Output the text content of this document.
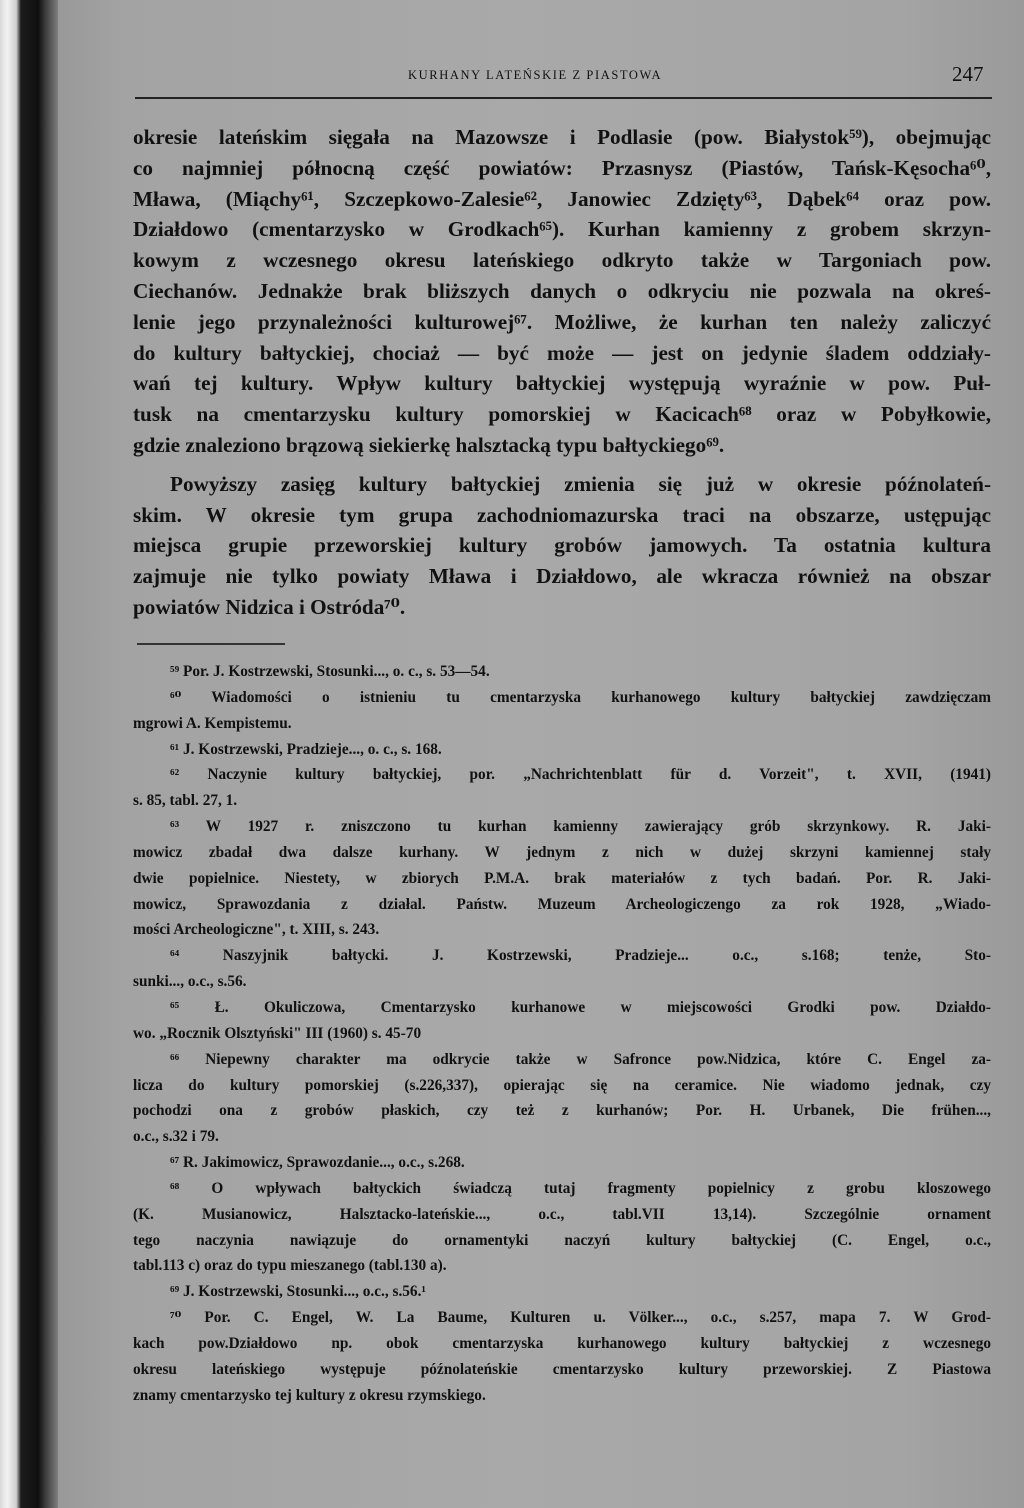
KURHANY LATEŃSKIE Z PIASTOWA	247
okresie lateńskim sięgała na Mazowsze i Podlasie (pow. Białystok⁵⁹), obejmując
co najmniej północną część powiatów: Przasnysz (Piastów, Tańsk-Kęsocha⁶⁰,
Mława, (Miąchy⁶¹, Szczepkowo-Zalesie⁶², Janowiec Zdzięty⁶³, Dąbek⁶⁴ oraz pow.
Działdowo (cmentarzysko w Grodkach⁶⁵). Kurhan kamienny z grobem skrzyn-
kowym z wczesnego okresu lateńskiego odkryto także w Targoniach pow.
Ciechanów. Jednakże brak bliższych danych o odkryciu nie pozwala na okreś-
lenie jego przynależności kulturowej⁶⁷. Możliwe, że kurhan ten należy zaliczyć
do kultury bałtyckiej, chociaż — być może — jest on jedynie śladem oddziały-
wań tej kultury. Wpływ kultury bałtyckiej występują wyraźnie w pow. Puł-
tusk na cmentarzysku kultury pomorskiej w Kacicach⁶⁸ oraz w Pobyłkowie,
gdzie znaleziono brązową siekierkę halsztacką typu bałtyckiego⁶⁹.
Powyższy zasięg kultury bałtyckiej zmienia się już w okresie późnolateń-
skim. W okresie tym grupa zachodniomazurska traci na obszarze, ustępując
miejsca grupie przeworskiej kultury grobów jamowych. Ta ostatnia kultura
zajmuje nie tylko powiaty Mława i Działdowo, ale wkracza również na obszar
powiatów Nidzica i Ostróda⁷⁰.
⁵⁹ Por. J. Kostrzewski, Stosunki..., o. c., s. 53—54.
⁶⁰ Wiadomości o istnieniu tu cmentarzyska kurhanowego kultury bałtyckiej zawdzięczam
mgrowi A. Kempistemu.
⁶¹ J. Kostrzewski, Pradzieje..., o. c., s. 168.
⁶² Naczynie kultury bałtyckiej, por. „Nachrichtenblatt für d. Vorzeit", t. XVII, (1941)
s. 85, tabl. 27, 1.
⁶³ W 1927 r. zniszczono tu kurhan kamienny zawierający grób skrzynkowy. R. Jaki-
mowicz zbadał dwa dalsze kurhany. W jednym z nich w dużej skrzyni kamiennej stały
dwie popielnice. Niestety, w zbiorych P.M.A. brak materiałów z tych badań. Por. R. Jaki-
mowicz, Sprawozdania z działal. Państw. Muzeum Archeologiczengo za rok 1928, „Wiado-
mości Archeologiczne", t. XIII, s. 243.
⁶⁴ Naszyjnik bałtycki. J. Kostrzewski, Pradzieje... o.c., s.168; tenże, Sto-
sunki..., o.c., s.56.
⁶⁵ Ł. Okuliczowa, Cmentarzysko kurhanowe w miejscowości Grodki pow. Działdo-
wo. „Rocznik Olsztyński" III (1960) s. 45-70
⁶⁶ Niepewny charakter ma odkrycie także w Safronce pow.Nidzica, które C. Engel za-
licza do kultury pomorskiej (s.226,337), opierając się na ceramice. Nie wiadomo jednak, czy
pochodzi ona z grobów płaskich, czy też z kurhanów; Por. H. Urbanek, Die frühen...,
o.c., s.32 i 79.
⁶⁷ R. Jakimowicz, Sprawozdanie..., o.c., s.268.
⁶⁸ O wpływach bałtyckich świadczą tutaj fragmenty popielnicy z grobu kloszowego
(K. Musianowicz, Halsztacko-lateńskie..., o.c., tabl.VII 13,14). Szczególnie ornament
tego naczynia nawiązuje do ornamentyki naczyń kultury bałtyckiej (C. Engel, o.c.,
tabl.113 c) oraz do typu mieszanego (tabl.130 a).
⁶⁹ J. Kostrzewski, Stosunki..., o.c., s.56.¹
⁷⁰ Por. C. Engel, W. La Baume, Kulturen u. Völker..., o.c., s.257, mapa 7. W Grod-
kach pow.Działdowo np. obok cmentarzyska kurhanowego kultury bałtyckiej z wczesnego
okresu lateńskiego występuje późnolateńskie cmentarzysko kultury przeworskiej. Z Piastowa
znamy cmentarzysko tej kultury z okresu rzymskiego.
